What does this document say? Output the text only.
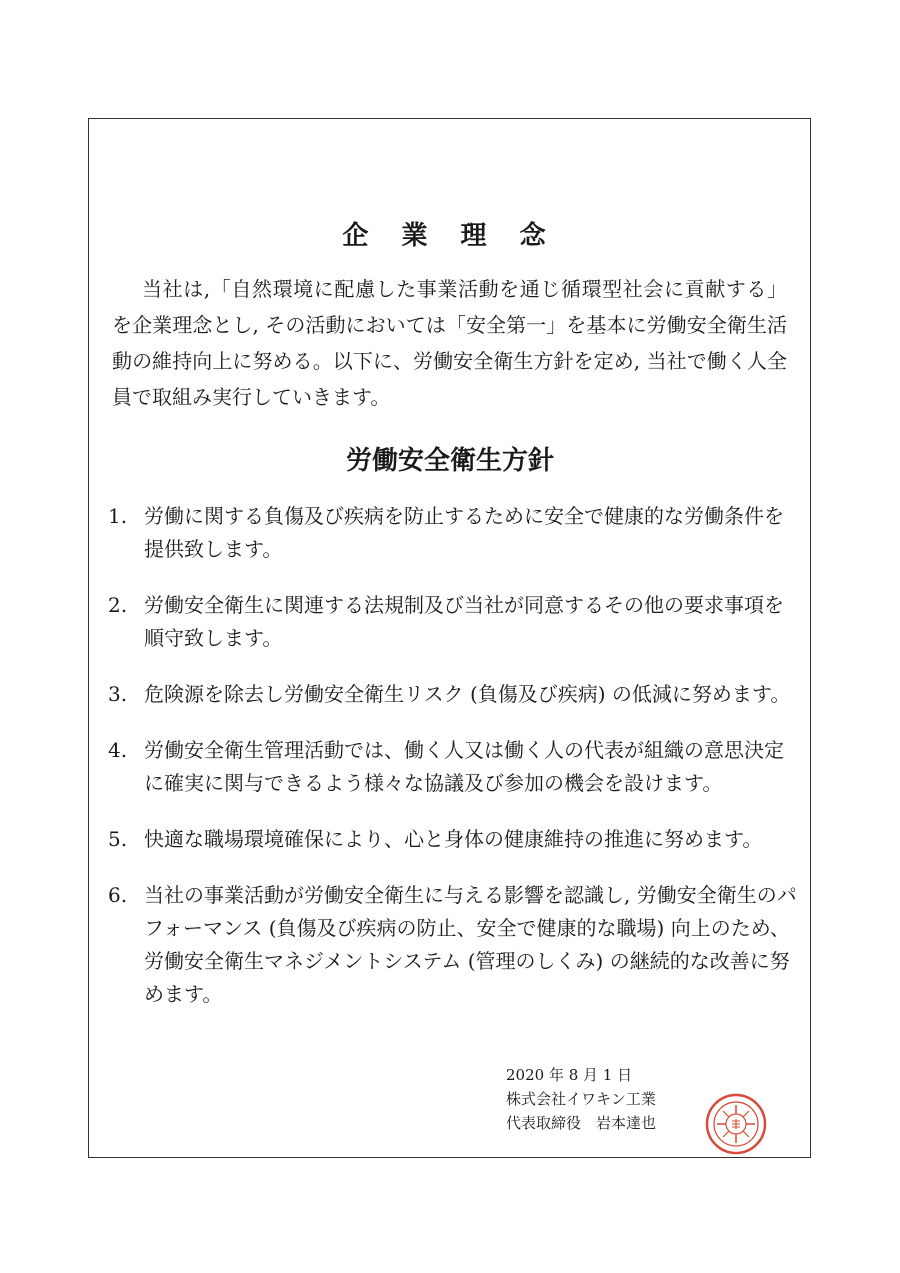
企 業 理 念

当社は,「自然環境に配慮した事業活動を通じ循環型社会に貢献する」を企業理念とし, その活動においては「安全第一」を基本に労働安全衛生活動の維持向上に努める。以下に、労働安全衛生方針を定め, 当社で働く人全員で取組み実行していきます。

労働安全衛生方針
1. 労働に関する負傷及び疾病を防止するために安全で健康的な労働条件を提供致します。
2. 労働安全衛生に関連する法規制及び当社が同意するその他の要求事項を順守致します。
3. 危険源を除去し労働安全衛生リスク (負傷及び疾病) の低減に努めます。
4. 労働安全衛生管理活動では、働く人又は働く人の代表が組織の意思決定に確実に関与できるよう様々な協議及び参加の機会を設けます。
5. 快適な職場環境確保により、心と身体の健康維持の推進に努めます。
6. 当社の事業活動が労働安全衛生に与える影響を認識し, 労働安全衛生のパフォーマンス (負傷及び疾病の防止、安全で健康的な職場) 向上のため、労働安全衛生マネジメントシステム (管理のしくみ) の継続的な改善に努めます。
2020 年 8 月 1 日
株式会社イワキン工業
代表取締役　岩本達也
